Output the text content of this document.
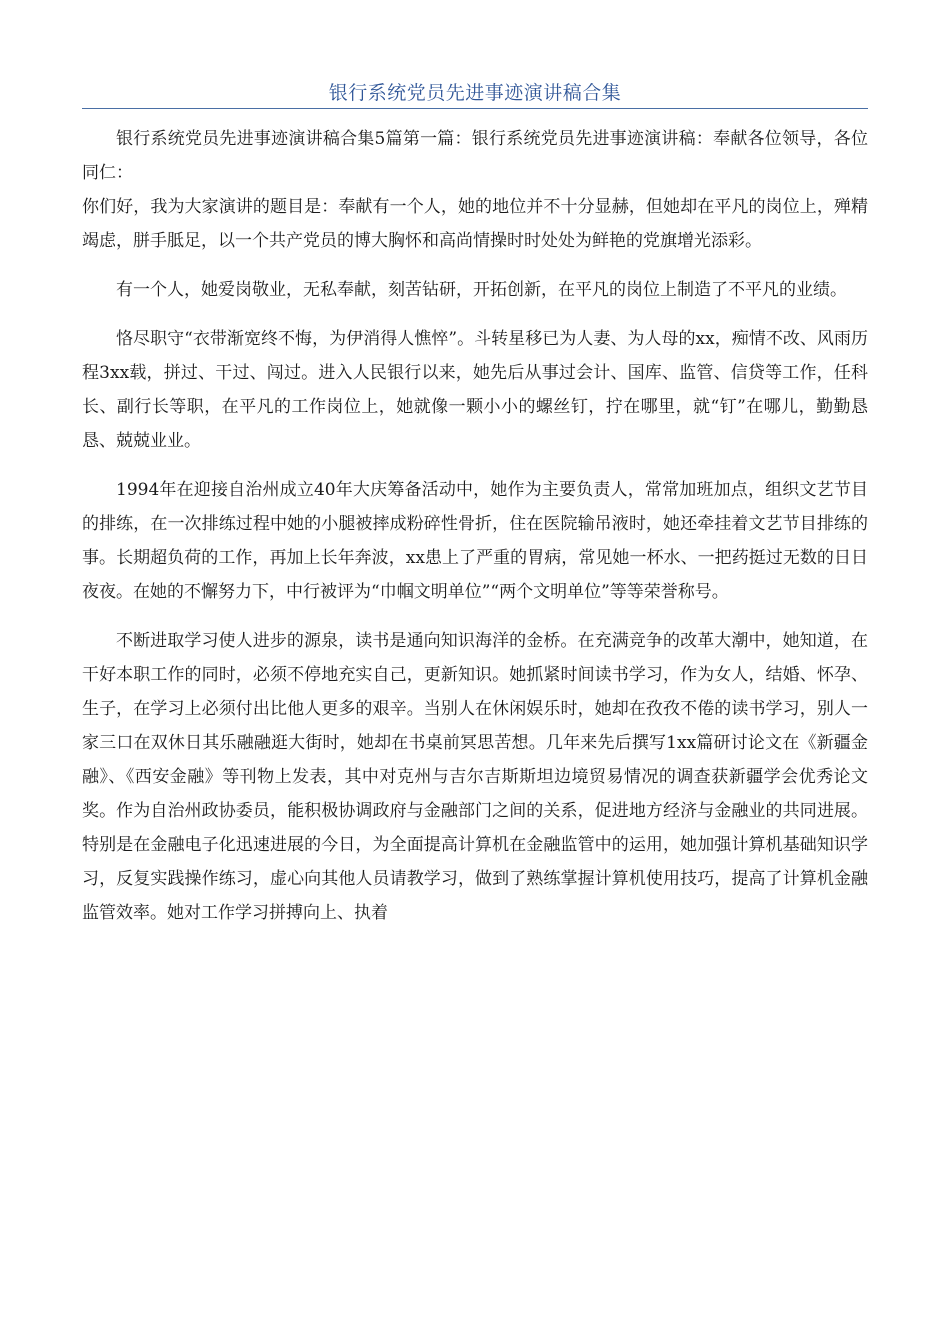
银行系统党员先进事迹演讲稿合集

银行系统党员先进事迹演讲稿合集5篇第一篇：银行系统党员先进事迹演讲稿：奉献各位领导，各位同仁：

你们好，我为大家演讲的题目是：奉献有一个人，她的地位并不十分显赫，但她却在平凡的岗位上，殚精竭虑，胼手胝足，以一个共产党员的博大胸怀和高尚情操时时处处为鲜艳的党旗增光添彩。

有一个人，她爱岗敬业，无私奉献，刻苦钻研，开拓创新，在平凡的岗位上制造了不平凡的业绩。

恪尽职守“衣带渐宽终不悔，为伊消得人憔悴”。斗转星移已为人妻、为人母的xx，痴情不改、风雨历程3xx载，拼过、干过、闯过。进入人民银行以来，她先后从事过会计、国库、监管、信贷等工作，任科长、副行长等职，在平凡的工作岗位上，她就像一颗小小的螺丝钉，拧在哪里，就“钉”在哪儿，勤勤恳恳、兢兢业业。

1994年在迎接自治州成立40年大庆筹备活动中，她作为主要负责人，常常加班加点，组织文艺节目的排练，在一次排练过程中她的小腿被摔成粉碎性骨折，住在医院输吊液时，她还牵挂着文艺节目排练的事。长期超负荷的工作，再加上长年奔波，xx患上了严重的胃病，常见她一杯水、一把药挺过无数的日日夜夜。在她的不懈努力下，中行被评为“巾帼文明单位”“两个文明单位”等等荣誉称号。

不断进取学习使人进步的源泉，读书是通向知识海洋的金桥。在充满竞争的改革大潮中，她知道，在干好本职工作的同时，必须不停地充实自己，更新知识。她抓紧时间读书学习，作为女人，结婚、怀孕、生子，在学习上必须付出比他人更多的艰辛。当别人在休闲娱乐时，她却在孜孜不倦的读书学习，别人一家三口在双休日其乐融融逛大街时，她却在书桌前冥思苦想。几年来先后撰写1xx篇研讨论文在《新疆金融》、《西安金融》等刊物上发表，其中对克州与吉尔吉斯斯坦边境贸易情况的调查获新疆学会优秀论文奖。作为自治州政协委员，能积极协调政府与金融部门之间的关系，促进地方经济与金融业的共同进展。特别是在金融电子化迅速进展的今日，为全面提高计算机在金融监管中的运用，她加强计算机基础知识学习，反复实践操作练习，虚心向其他人员请教学习，做到了熟练掌握计算机使用技巧，提高了计算机金融监管效率。她对工作学习拼搏向上、执着
